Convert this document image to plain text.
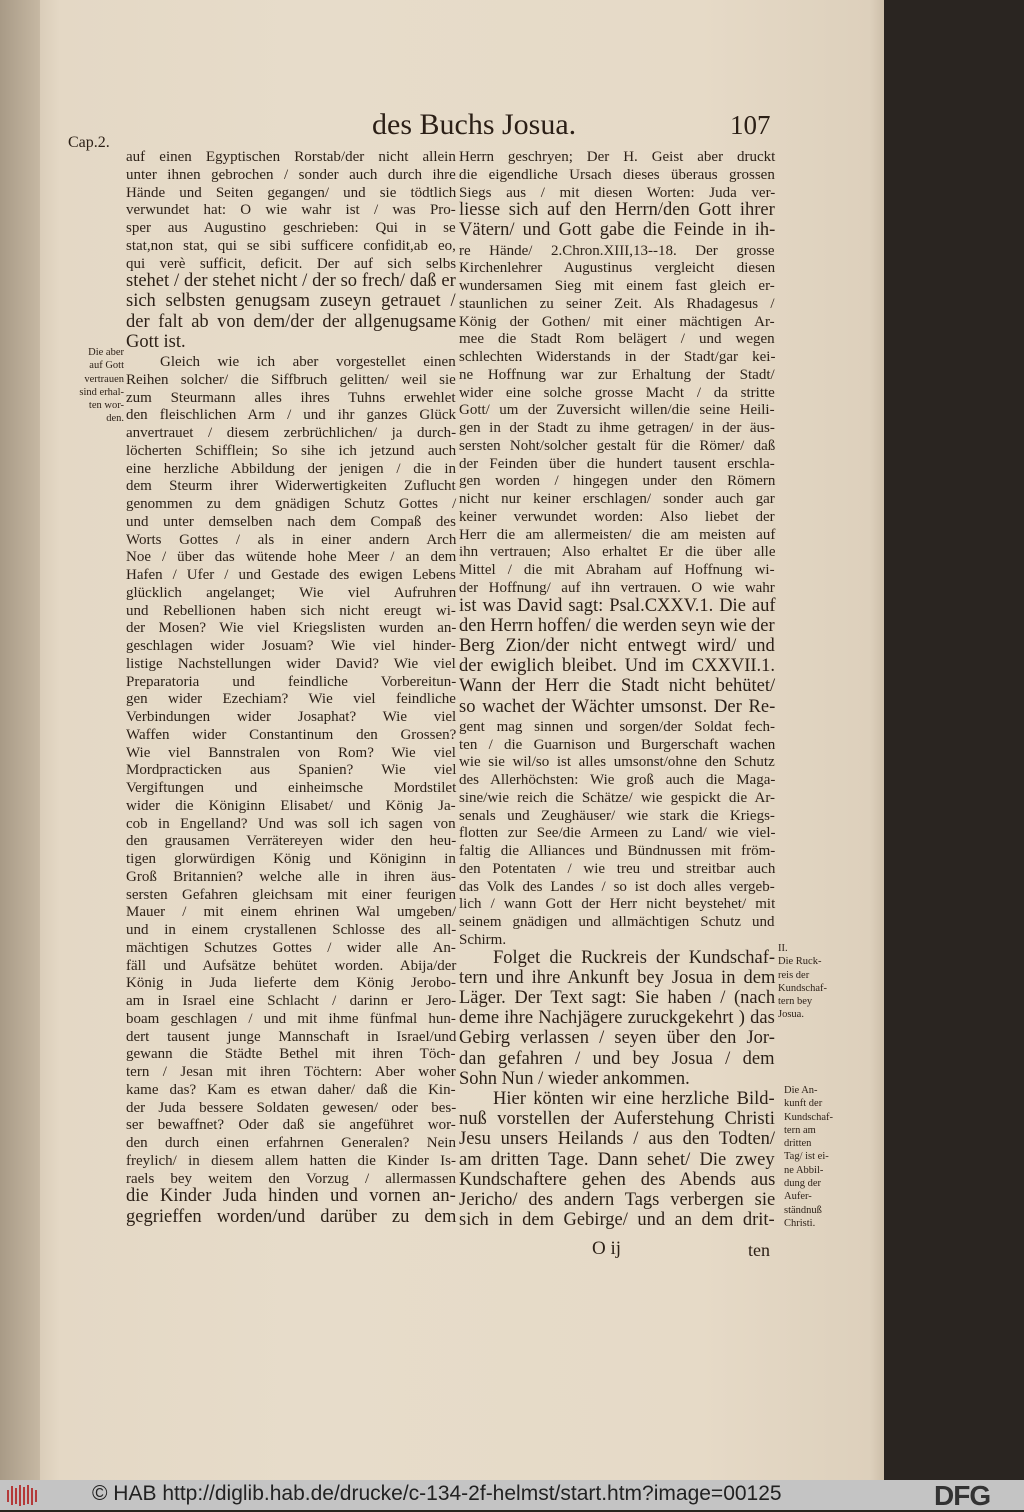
des Buchs Josua.	107
Cap.2.
auf einen Egyptischen Rorstab/der nicht allein
unter ihnen gebrochen / sonder auch durch ihre
Hände und Seiten gegangen/ und sie tödtlich
verwundet hat: O wie wahr ist / was Pro-
sper aus Augustino geschrieben: Qui in se
stat,non stat, qui se sibi sufficere confidit,ab eo,
qui verè sufficit, deficit. Der auf sich selbs
stehet / der stehet nicht / der so frech/ daß er
sich selbsten genugsam zuseyn getrauet /
der falt ab von dem/der der allgenugsame
Gott ist.
Gleich wie ich aber vorgestellet einen
Reihen solcher/ die Siffbruch gelitten/ weil sie
zum Steurmann alles ihres Tuhns erwehlet
den fleischlichen Arm / und ihr ganzes Glück
anvertrauet / diesem zerbrüchlichen/ ja durch-
löcherten Schifflein; So sihe ich jetzund auch
eine herzliche Abbildung der jenigen / die in
dem Steurm ihrer Widerwertigkeiten Zuflucht
genommen zu dem gnädigen Schutz Gottes /
und unter demselben nach dem Compaß des
Worts Gottes / als in einer andern Arch
Noe / über das wütende hohe Meer / an dem
Hafen / Ufer / und Gestade des ewigen Lebens
glücklich angelanget; Wie viel Aufruhren
und Rebellionen haben sich nicht ereugt wi-
der Mosen? Wie viel Kriegslisten wurden an-
geschlagen wider Josuam? Wie viel hinder-
listige Nachstellungen wider David? Wie viel
Preparatoria und feindliche Vorbereitun-
gen wider Ezechiam? Wie viel feindliche
Verbindungen wider Josaphat? Wie viel
Waffen wider Constantinum den Grossen?
Wie viel Bannstralen von Rom? Wie viel
Mordpracticken aus Spanien? Wie viel
Vergiftungen und einheimsche Mordstilet
wider die Königinn Elisabet/ und König Ja-
cob in Engelland? Und was soll ich sagen von
den grausamen Verrätereyen wider den heu-
tigen glorwürdigen König und Königinn in
Groß Britannien? welche alle in ihren äus-
sersten Gefahren gleichsam mit einer feurigen
Mauer / mit einem ehrinen Wal umgeben/
und in einem crystallenen Schlosse des all-
mächtigen Schutzes Gottes / wider alle An-
fäll und Aufsätze behütet worden. Abija/der
König in Juda lieferte dem König Jerobo-
am in Israel eine Schlacht / darinn er Jero-
boam geschlagen / und mit ihme fünfmal hun-
dert tausent junge Mannschaft in Israel/und
gewann die Städte Bethel mit ihren Töch-
tern / Jesan mit ihren Töchtern: Aber woher
kame das? Kam es etwan daher/ daß die Kin-
der Juda bessere Soldaten gewesen/ oder bes-
ser bewaffnet? Oder daß sie angeführet wor-
den durch einen erfahrnen Generalen? Nein
freylich/ in diesem allem hatten die Kinder Is-
raels bey weitem den Vorzug / allermassen
die Kinder Juda hinden und vornen an-
gegrieffen worden/und darüber zu dem
Herrn geschryen; Der H. Geist aber druckt
die eigendliche Ursach dieses überaus grossen
Siegs aus / mit diesen Worten: Juda ver-
liesse sich auf den Herrn/den Gott ihrer
Vätern/ und Gott gabe die Feinde in ih-
re Hände/ 2.Chron.XIII,13--18. Der grosse
Kirchenlehrer Augustinus vergleicht diesen
wundersamen Sieg mit einem fast gleich er-
staunlichen zu seiner Zeit. Als Rhadagesus /
König der Gothen/ mit einer mächtigen Ar-
mee die Stadt Rom belägert / und wegen
schlechten Widerstands in der Stadt/gar kei-
ne Hoffnung war zur Erhaltung der Stadt/
wider eine solche grosse Macht / da stritte
Gott/ um der Zuversicht willen/die seine Heili-
gen in der Stadt zu ihme getragen/ in der äus-
sersten Noht/solcher gestalt für die Römer/ daß
der Feinden über die hundert tausent erschla-
gen worden / hingegen under den Römern
nicht nur keiner erschlagen/ sonder auch gar
keiner verwundet worden: Also liebet der
Herr die am allermeisten/ die am meisten auf
ihn vertrauen; Also erhaltet Er die über alle
Mittel / die mit Abraham auf Hoffnung wi-
der Hoffnung/ auf ihn vertrauen. O wie wahr
ist was David sagt: Psal.CXXV.1. Die auf
den Herrn hoffen/ die werden seyn wie der
Berg Zion/der nicht entwegt wird/ und
der ewiglich bleibet. Und im CXXVII.1.
Wann der Herr die Stadt nicht behütet/
so wachet der Wächter umsonst. Der Re-
gent mag sinnen und sorgen/der Soldat fech-
ten / die Guarnison und Burgerschaft wachen
wie sie wil/so ist alles umsonst/ohne den Schutz
des Allerhöchsten: Wie groß auch die Maga-
sine/wie reich die Schätze/ wie gespickt die Ar-
senals und Zeughäuser/ wie stark die Kriegs-
flotten zur See/die Armeen zu Land/ wie viel-
faltig die Alliances und Bündnussen mit fröm-
den Potentaten / wie treu und streitbar auch
das Volk des Landes / so ist doch alles vergeb-
lich / wann Gott der Herr nicht beystehet/ mit
seinem gnädigen und allmächtigen Schutz und
Schirm.
Folget die Ruckreis der Kundschaf-
tern und ihre Ankunft bey Josua in dem
Läger. Der Text sagt: Sie haben / (nach
deme ihre Nachjägere zuruckgekehrt ) das
Gebirg verlassen / seyen über den Jor-
dan gefahren / und bey Josua / dem
Sohn Nun / wieder ankommen.
Hier könten wir eine herzliche Bild-
nuß vorstellen der Auferstehung Christi
Jesu unsers Heilands / aus den Todten/
am dritten Tage. Dann sehet/ Die zwey
Kundschaftere gehen des Abends aus
Jericho/ des andern Tags verbergen sie
sich in dem Gebirge/ und an dem drit-
Die aber
auf Gott
vertrauen
sind erhal-
ten wor-
den.
II.
Die Ruck-
reis der
Kundschaf-
tern bey
Josua.
Die An-
kunft der
Kundschaf-
tern am
dritten
Tag/ ist ei-
ne Abbil-
dung der
Aufer-
ständnuß
Christi.
O ij	ten
© HAB http://diglib.hab.de/drucke/c-134-2f-helmst/start.htm?image=00125	DFG
